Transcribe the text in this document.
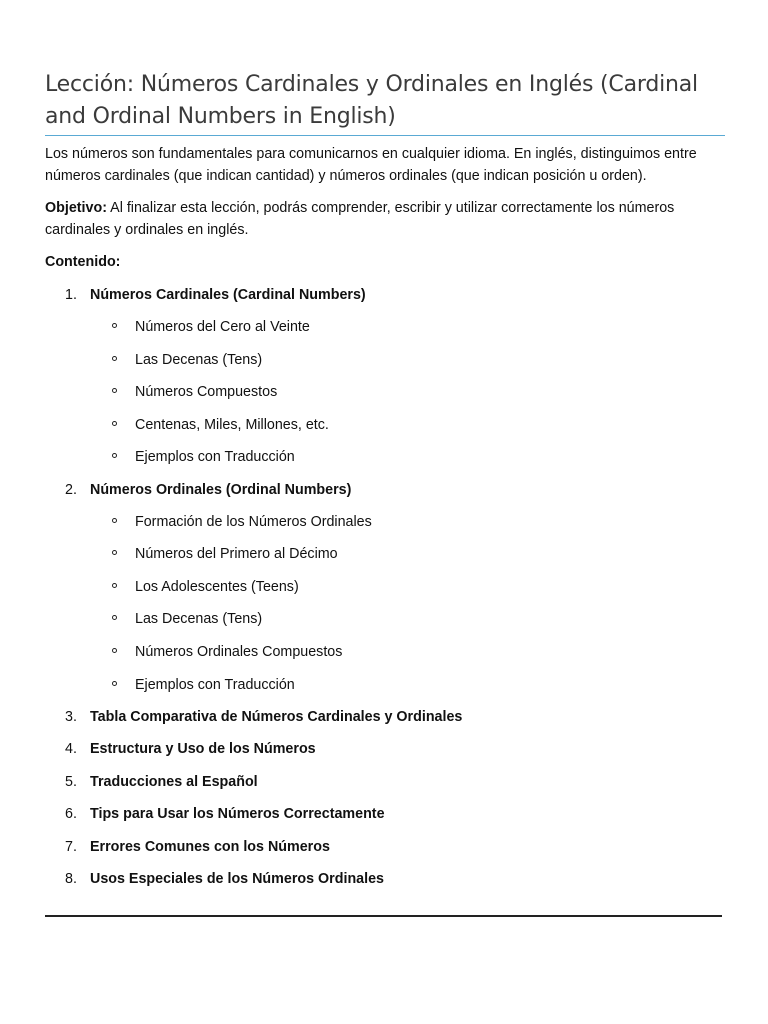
Lección: Números Cardinales y Ordinales en Inglés (Cardinal and Ordinal Numbers in English)

Los números son fundamentales para comunicarnos en cualquier idioma. En inglés, distinguimos entre números cardinales (que indican cantidad) y números ordinales (que indican posición u orden).

Objetivo: Al finalizar esta lección, podrás comprender, escribir y utilizar correctamente los números cardinales y ordinales en inglés.

Contenido:

1. Números Cardinales (Cardinal Numbers)
Números del Cero al Veinte
Las Decenas (Tens)
Números Compuestos
Centenas, Miles, Millones, etc.
Ejemplos con Traducción
2. Números Ordinales (Ordinal Numbers)
Formación de los Números Ordinales
Números del Primero al Décimo
Los Adolescentes (Teens)
Las Decenas (Tens)
Números Ordinales Compuestos
Ejemplos con Traducción
3. Tabla Comparativa de Números Cardinales y Ordinales
4. Estructura y Uso de los Números
5. Traducciones al Español
6. Tips para Usar los Números Correctamente
7. Errores Comunes con los Números
8. Usos Especiales de los Números Ordinales
